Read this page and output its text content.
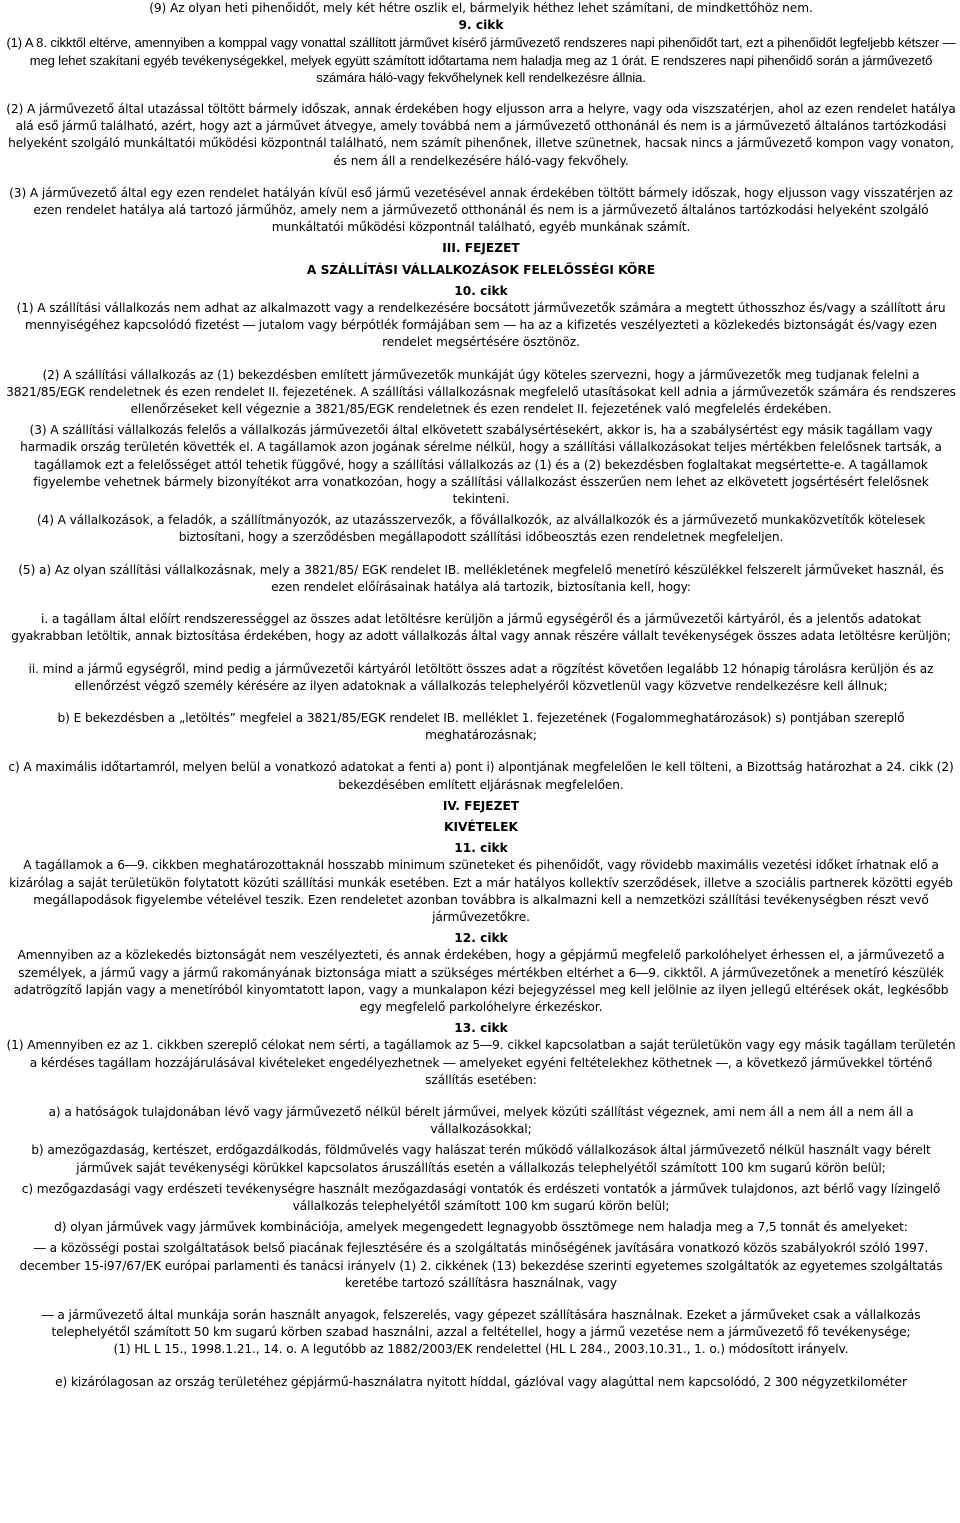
(9) Az olyan heti pihenőidőt, mely két hétre oszlik el, bármelyik héthez lehet számítani, de mindkettőhöz nem.

9. cikk

(1) A 8. cikktől eltérve, amennyiben a komppal vagy vonattal szállított járművet kísérő járművezető rendszeres napi pihenőidőt tart, ezt a pihenőidőt legfeljebb kétszer ― meg lehet szakítani egyéb tevékenységekkel, melyek együtt számított időtartama nem haladja meg az 1 órát. E rendszeres napi pihenőidő során a járművezető számára háló-vagy fekvőhelynek kell rendelkezésre állnia.

(2) A járművezető által utazással töltött bármely időszak, annak érdekében hogy eljusson arra a helyre, vagy oda viszszatérjen, ahol az ezen rendelet hatálya alá eső jármű található, azért, hogy azt a járművet átvegye, amely továbbá nem a járművezető otthonánál és nem is a járművezető általános tartózkodási helyeként szolgáló munkáltatói működési központnál található, nem számít pihenőnek, illetve szünetnek, hacsak nincs a járművezető kompon vagy vonaton, és nem áll a rendelkezésére háló-vagy fekvőhely.

(3) A járművezető által egy ezen rendelet hatályán kívül eső jármű vezetésével annak érdekében töltött bármely időszak, hogy eljusson vagy visszatérjen az ezen rendelet hatálya alá tartozó járműhöz, amely nem a járművezető otthonánál és nem is a járművezető általános tartózkodási helyeként szolgáló munkáltatói működési központnál található, egyéb munkának számít.

III. FEJEZET
A SZÁLLÍTÁSI VÁLLALKOZÁSOK FELELŐSSÉGI KÖRE
10. cikk

(1) A szállítási vállalkozás nem adhat az alkalmazott vagy a rendelkezésére bocsátott járművezetők számára a megtett úthosszhoz és/vagy a szállított áru mennyiségéhez kapcsolódó fizetést ― jutalom vagy bérpótlék formájában sem ― ha az a kifizetés veszélyezteti a közlekedés biztonságát és/vagy ezen rendelet megsértésére ösztönöz.

(2) A szállítási vállalkozás az (1) bekezdésben említett járművezetők munkáját úgy köteles szervezni, hogy a járművezetők meg tudjanak felelni a 3821/85/EGK rendeletnek és ezen rendelet II. fejezetének. A szállítási vállalkozásnak megfelelő utasításokat kell adnia a járművezetők számára és rendszeres ellenőrzéseket kell végeznie a 3821/85/EGK rendeletnek és ezen rendelet II. fejezetének való megfelelés érdekében.

(3) A szállítási vállalkozás felelős a vállalkozás járművezetői által elkövetett szabálysértésekért, akkor is, ha a szabálysértést egy másik tagállam vagy harmadik ország területén követték el. A tagállamok azon jogának sérelme nélkül, hogy a szállítási vállalkozásokat teljes mértékben felelősnek tartsák, a tagállamok ezt a felelősséget attól tehetik függővé, hogy a szállítási vállalkozás az (1) és a (2) bekezdésben foglaltakat megsértette-e. A tagállamok figyelembe vehetnek bármely bizonyítékot arra vonatkozóan, hogy a szállítási vállalkozást ésszerűen nem lehet az elkövetett jogsértésért felelősnek tekinteni.

(4) A vállalkozások, a feladók, a szállítmányozók, az utazásszervezők, a fővállalkozók, az alvállalkozók és a járművezető munkaközvetítők kötelesek biztosítani, hogy a szerződésben megállapodott szállítási időbeosztás ezen rendeletnek megfeleljen.

(5) a) Az olyan szállítási vállalkozásnak, mely a 3821/85/ EGK rendelet IB. mellékletének megfelelő menetíró készülékkel felszerelt járműveket használ, és ezen rendelet előírásainak hatálya alá tartozik, biztosítania kell, hogy:

i. a tagállam által előírt rendszerességgel az összes adat letöltésre kerüljön a jármű egységéről és a járművezetői kártyáról, és a jelentős adatokat gyakrabban letöltik, annak biztosítása érdekében, hogy az adott vállalkozás által vagy annak részére vállalt tevékenységek összes adata letöltésre kerüljön;

ii. mind a jármű egységről, mind pedig a járművezetői kártyáról letöltött összes adat a rögzítést követően legalább 12 hónapig tárolásra kerüljön és az ellenőrzést végző személy kérésére az ilyen adatoknak a vállalkozás telephelyéről közvetlenül vagy közvetve rendelkezésre kell állnuk;

b) E bekezdésben a „letöltés” megfelel a 3821/85/EGK rendelet IB. melléklet 1. fejezetének (Fogalommeghatározások) s) pontjában szereplő meghatározásnak;

c) A maximális időtartamról, melyen belül a vonatkozó adatokat a fenti a) pont i) alpontjának megfelelően le kell tölteni, a Bizottság határozhat a 24. cikk (2) bekezdésében említett eljárásnak megfelelően.

IV. FEJEZET
KIVÉTELEK
11. cikk

A tagállamok a 6―9. cikkben meghatározottaknál hosszabb minimum szüneteket és pihenőidőt, vagy rövidebb maximális vezetési időket írhatnak elő a kizárólag a saját területükön folytatott közúti szállítási munkák esetében. Ezt a már hatályos kollektív szerződések, illetve a szociális partnerek közötti egyéb megállapodások figyelembe vételével teszik. Ezen rendeletet azonban továbbra is alkalmazni kell a nemzetközi szállítási tevékenységben részt vevő járművezetőkre.

12. cikk

Amennyiben az a közlekedés biztonságát nem veszélyezteti, és annak érdekében, hogy a gépjármű megfelelő parkolóhelyet érhessen el, a járművezető a személyek, a jármű vagy a jármű rakományának biztonsága miatt a szükséges mértékben eltérhet a 6―9. cikktől. A járművezetőnek a menetíró készülék adatrögzítő lapján vagy a menetíróból kinyomtatott lapon, vagy a munkalapon kézi bejegyzéssel meg kell jelölnie az ilyen jellegű eltérések okát, legkésőbb egy megfelelő parkolóhelyre érkezéskor.

13. cikk

(1) Amennyiben ez az 1. cikkben szereplő célokat nem sérti, a tagállamok az 5―9. cikkel kapcsolatban a saját területükön vagy egy másik tagállam területén a kérdéses tagállam hozzájárulásával kivételeket engedélyezhetnek ― amelyeket egyéni feltételekhez köthetnek ―, a következő járművekkel történő szállítás esetében:

a) a hatóságok tulajdonában lévő vagy járművezető nélkül bérelt járművei, melyek közúti szállítást végeznek, ami nem áll a nem áll a nem áll a vállalkozásokkal;

b) amezőgazdaság, kertészet, erdőgazdálkodás, földművelés vagy halászat terén működő vállalkozások által járművezető nélkül használt vagy bérelt járművek saját tevékenységi körükkel kapcsolatos áruszállítás esetén a vállalkozás telephelyétől számított 100 km sugarú körön belül;

c) mezőgazdasági vagy erdészeti tevékenységre használt mezőgazdasági vontatók és erdészeti vontatók a járművek tulajdonos, azt bérlő vagy lízingelő vállalkozás telephelyétől számított 100 km sugarú körön belül;

d) olyan járművek vagy járművek kombinációja, amelyek megengedett legnagyobb össztömege nem haladja meg a 7,5 tonnát és amelyeket:

― a közösségi postai szolgáltatások belső piacának fejlesztésére és a szolgáltatás minőségének javítására vonatkozó közös szabályokról szóló 1997. december 15-i97/67/EK európai parlamenti és tanácsi irányelv (1) 2. cikkének (13) bekezdése szerinti egyetemes szolgáltatók az egyetemes szolgáltatás keretébe tartozó szállításra használnak, vagy

― a járművezető által munkája során használt anyagok, felszerelés, vagy gépezet szállítására használnak. Ezeket a járműveket csak a vállalkozás telephelyétől számított 50 km sugarú körben szabad használni, azzal a feltétellel, hogy a jármű vezetése nem a járművezető fő tevékenysége;

(1) HL L 15., 1998.1.21., 14. o. A legutóbb az 1882/2003/EK rendelettel (HL L 284., 2003.10.31., 1. o.) módosított irányelv.

e) kizárólagosan az ország területéhez gépjármű-használatra nyitott híddal, gázlóval vagy alagúttal nem kapcsolódó, 2 300 négyzetkilométer
